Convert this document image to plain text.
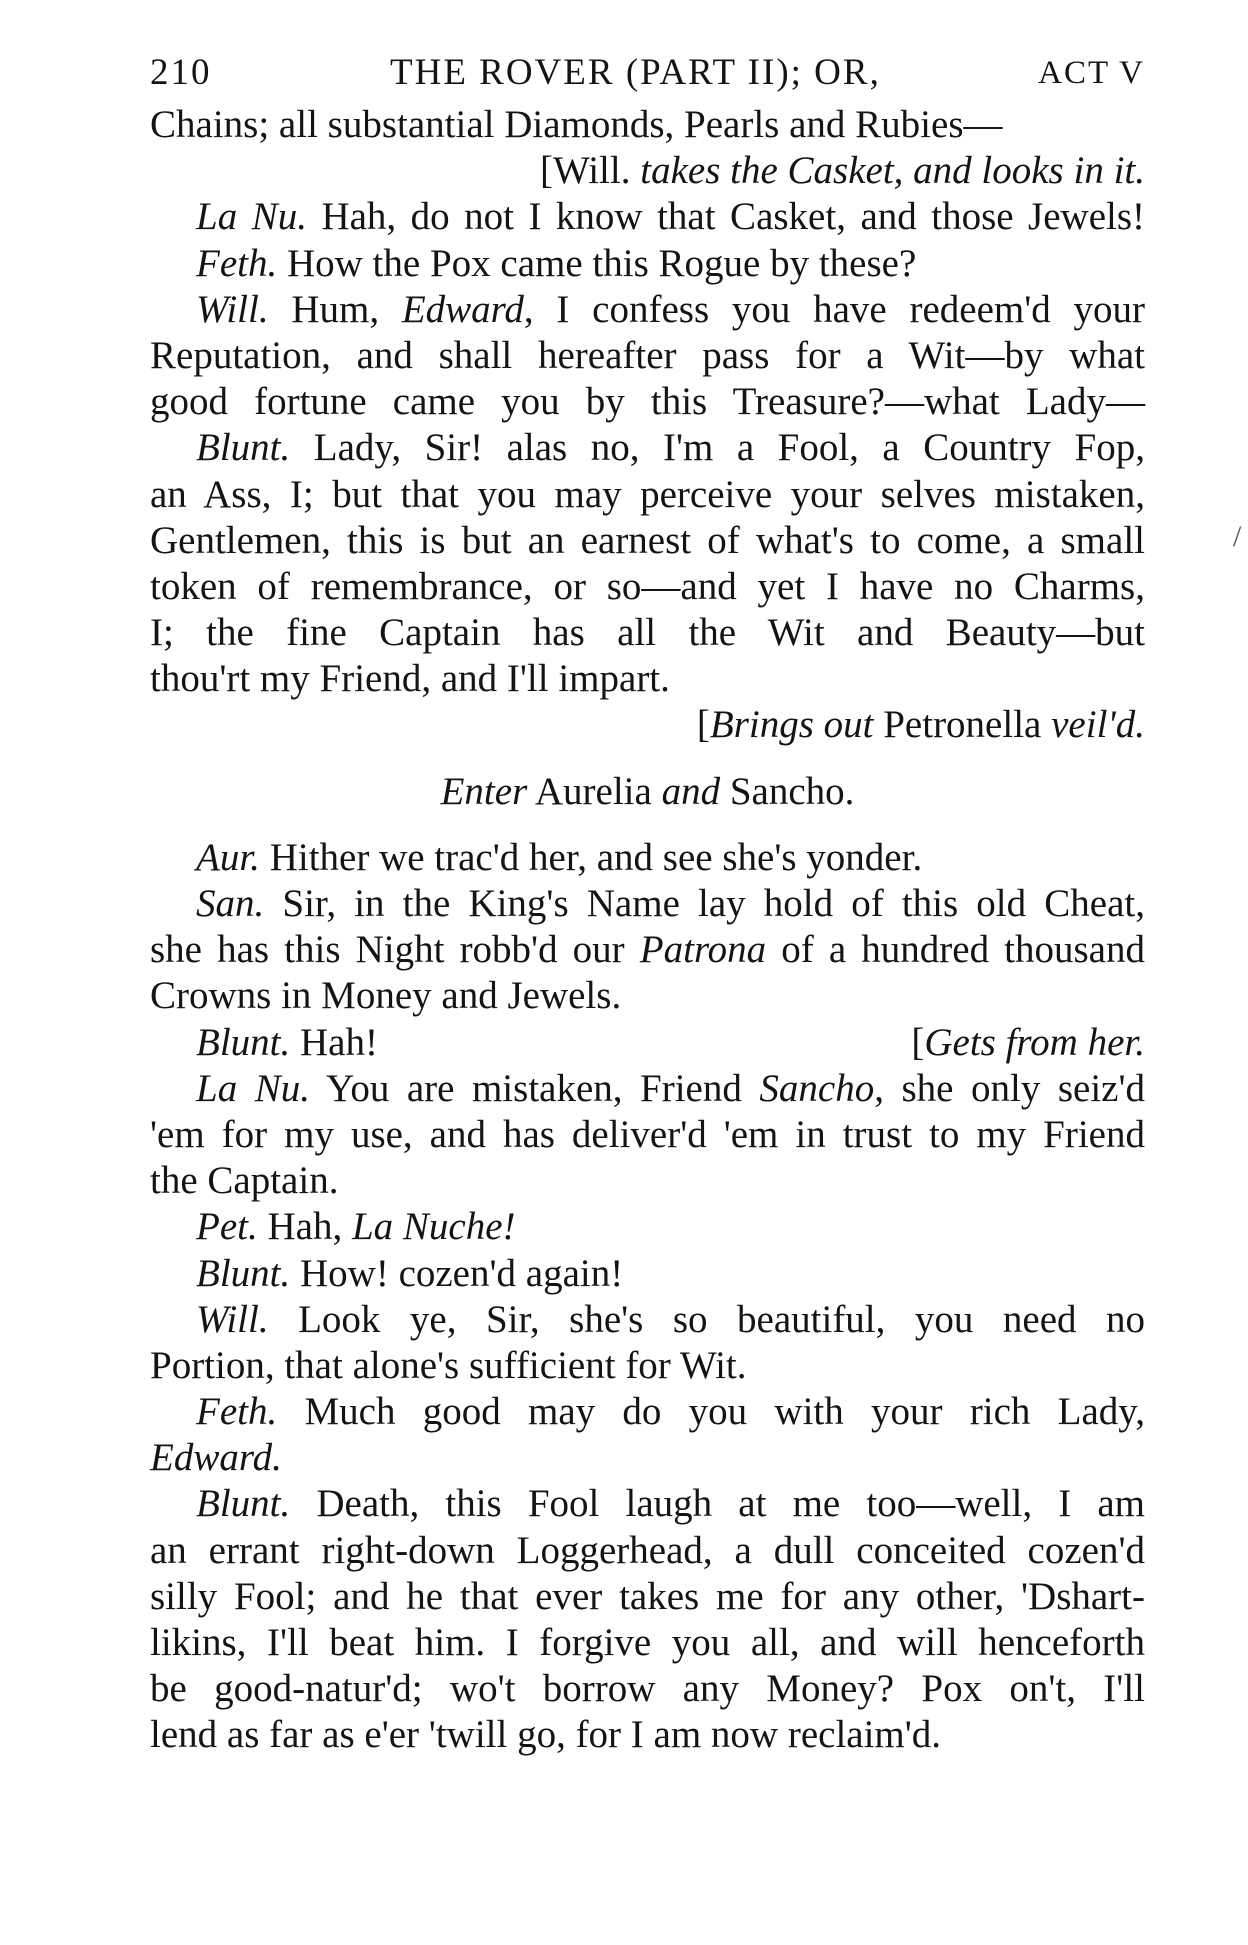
210	THE ROVER (PART II); OR,	ACT V
Chains; all substantial Diamonds, Pearls and Rubies—
[Will. takes the Casket, and looks in it.
La Nu. Hah, do not I know that Casket, and those Jewels!
Feth. How the Pox came this Rogue by these?
Will. Hum, Edward, I confess you have redeem'd your
Reputation, and shall hereafter pass for a Wit—by what
good fortune came you by this Treasure?—what Lady—
Blunt. Lady, Sir! alas no, I'm a Fool, a Country Fop,
an Ass, I; but that you may perceive your selves mistaken,
Gentlemen, this is but an earnest of what's to come, a small
token of remembrance, or so—and yet I have no Charms,
I; the fine Captain has all the Wit and Beauty—but
thou'rt my Friend, and I'll impart.
[Brings out Petronella veil'd.
Enter Aurelia and Sancho.
Aur. Hither we trac'd her, and see she's yonder.
San. Sir, in the King's Name lay hold of this old Cheat,
she has this Night robb'd our Patrona of a hundred thousand
Crowns in Money and Jewels.
Blunt. Hah!	[Gets from her.
La Nu. You are mistaken, Friend Sancho, she only seiz'd
'em for my use, and has deliver'd 'em in trust to my Friend
the Captain.
Pet. Hah, La Nuche!
Blunt. How! cozen'd again!
Will. Look ye, Sir, she's so beautiful, you need no
Portion, that alone's sufficient for Wit.
Feth. Much good may do you with your rich Lady,
Edward.
Blunt. Death, this Fool laugh at me too—well, I am
an errant right-down Loggerhead, a dull conceited cozen'd
silly Fool; and he that ever takes me for any other, 'Dshart-
likins, I'll beat him. I forgive you all, and will henceforth
be good-natur'd; wo't borrow any Money? Pox on't, I'll
lend as far as e'er 'twill go, for I am now reclaim'd.
/
